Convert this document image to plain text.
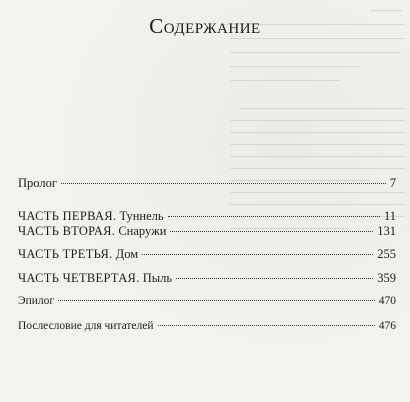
Содержание
Пролог	7
ЧАСТЬ ПЕРВАЯ. Туннель	11
ЧАСТЬ ВТОРАЯ. Снаружи	131
ЧАСТЬ ТРЕТЬЯ. Дом	255
ЧАСТЬ ЧЕТВЕРТАЯ. Пыль	359
Эпилог	470
Послесловие для читателей	476
